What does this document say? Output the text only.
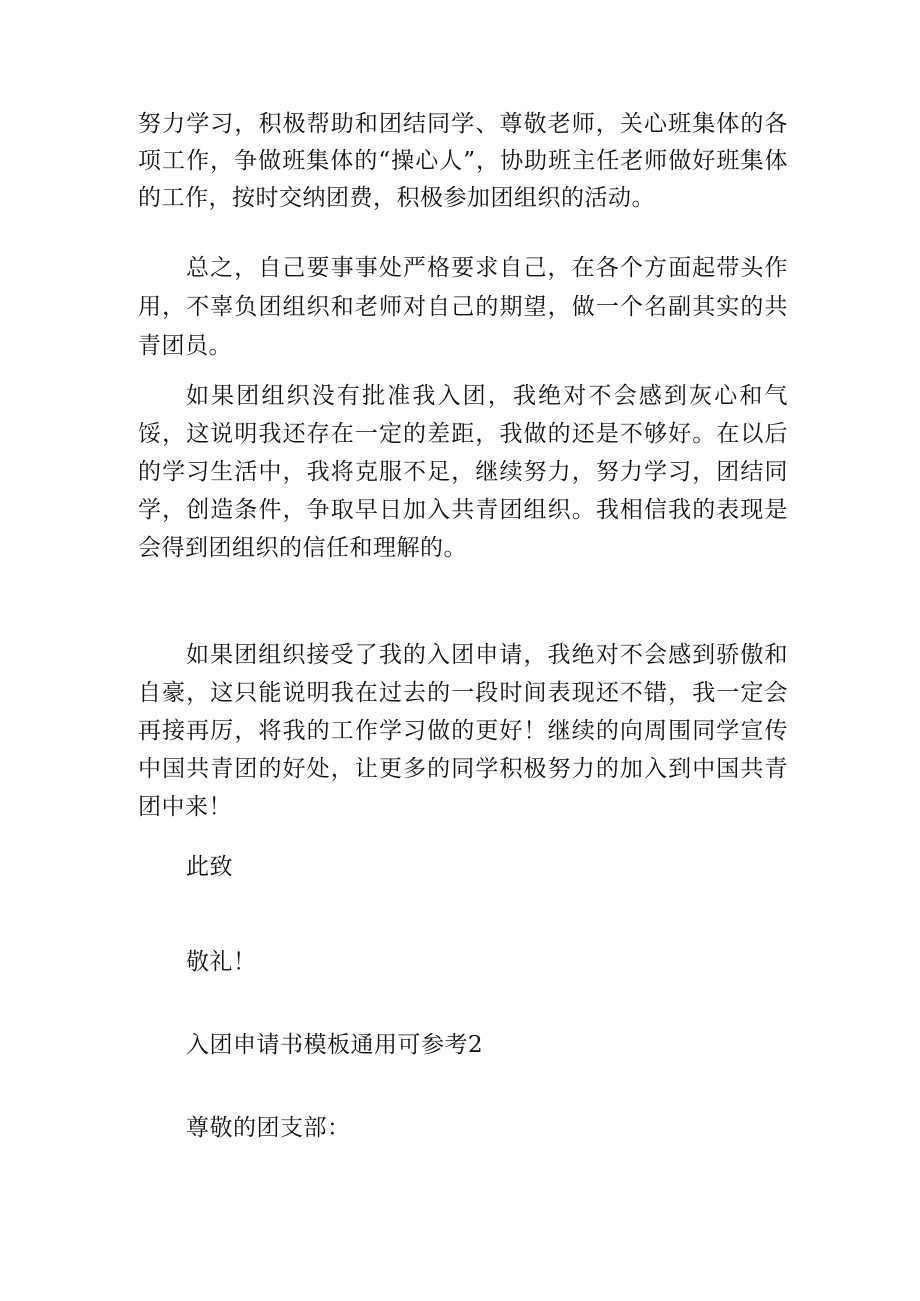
努力学习，积极帮助和团结同学、尊敬老师，关心班集体的各项工作，争做班集体的“操心人”，协助班主任老师做好班集体的工作，按时交纳团费，积极参加团组织的活动。

总之，自己要事事处严格要求自己，在各个方面起带头作用，不辜负团组织和老师对自己的期望，做一个名副其实的共青团员。

如果团组织没有批准我入团，我绝对不会感到灰心和气馁，这说明我还存在一定的差距，我做的还是不够好。在以后的学习生活中，我将克服不足，继续努力，努力学习，团结同学，创造条件，争取早日加入共青团组织。我相信我的表现是会得到团组织的信任和理解的。

如果团组织接受了我的入团申请，我绝对不会感到骄傲和自豪，这只能说明我在过去的一段时间表现还不错，我一定会再接再厉，将我的工作学习做的更好！继续的向周围同学宣传中国共青团的好处，让更多的同学积极努力的加入到中国共青团中来！

此致

敬礼！

入团申请书模板通用可参考2

尊敬的团支部：
